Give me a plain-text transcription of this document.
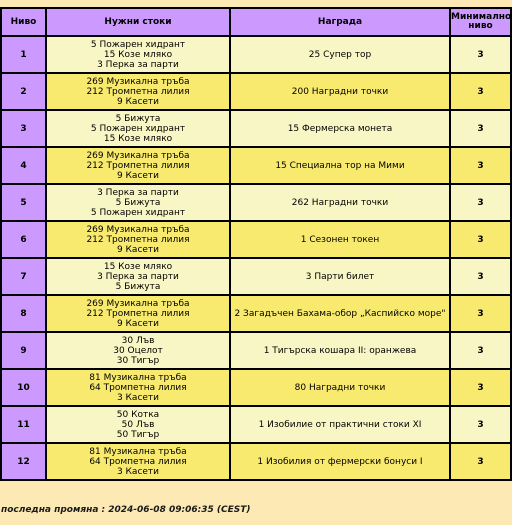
Ниво	Нужни стоки	Награда	Минимално
ниво
1	5 Пожарен хидрант
15 Козе мляко
3 Перка за парти	25 Супер тор	3
2	269 Музикална тръба
212 Тромпетна лилия
9 Касети	200 Наградни точки	3
3	5 Бижута
5 Пожарен хидрант
15 Козе мляко	15 Фермерска монета	3
4	269 Музикална тръба
212 Тромпетна лилия
9 Касети	15 Специална тор на Мими	3
5	3 Перка за парти
5 Бижута
5 Пожарен хидрант	262 Наградни точки	3
6	269 Музикална тръба
212 Тромпетна лилия
9 Касети	1 Сезонен токен	3
7	15 Козе мляко
3 Перка за парти
5 Бижута	3 Парти билет	3
8	269 Музикална тръба
212 Тромпетна лилия
9 Касети	2 Загадъчен Бахама-обор „Каспийско море"	3
9	30 Лъв
30 Оцелот
30 Тигър	1 Тигърска кошара II: оранжева	3
10	81 Музикална тръба
64 Тромпетна лилия
3 Касети	80 Наградни точки	3
11	50 Котка
50 Лъв
50 Тигър	1 Изобилие от практични стоки XI	3
12	81 Музикална тръба
64 Тромпетна лилия
3 Касети	1 Изобилия от фермерски бонуси I	3
последна промяна : 2024-06-08 09:06:35 (CEST)
